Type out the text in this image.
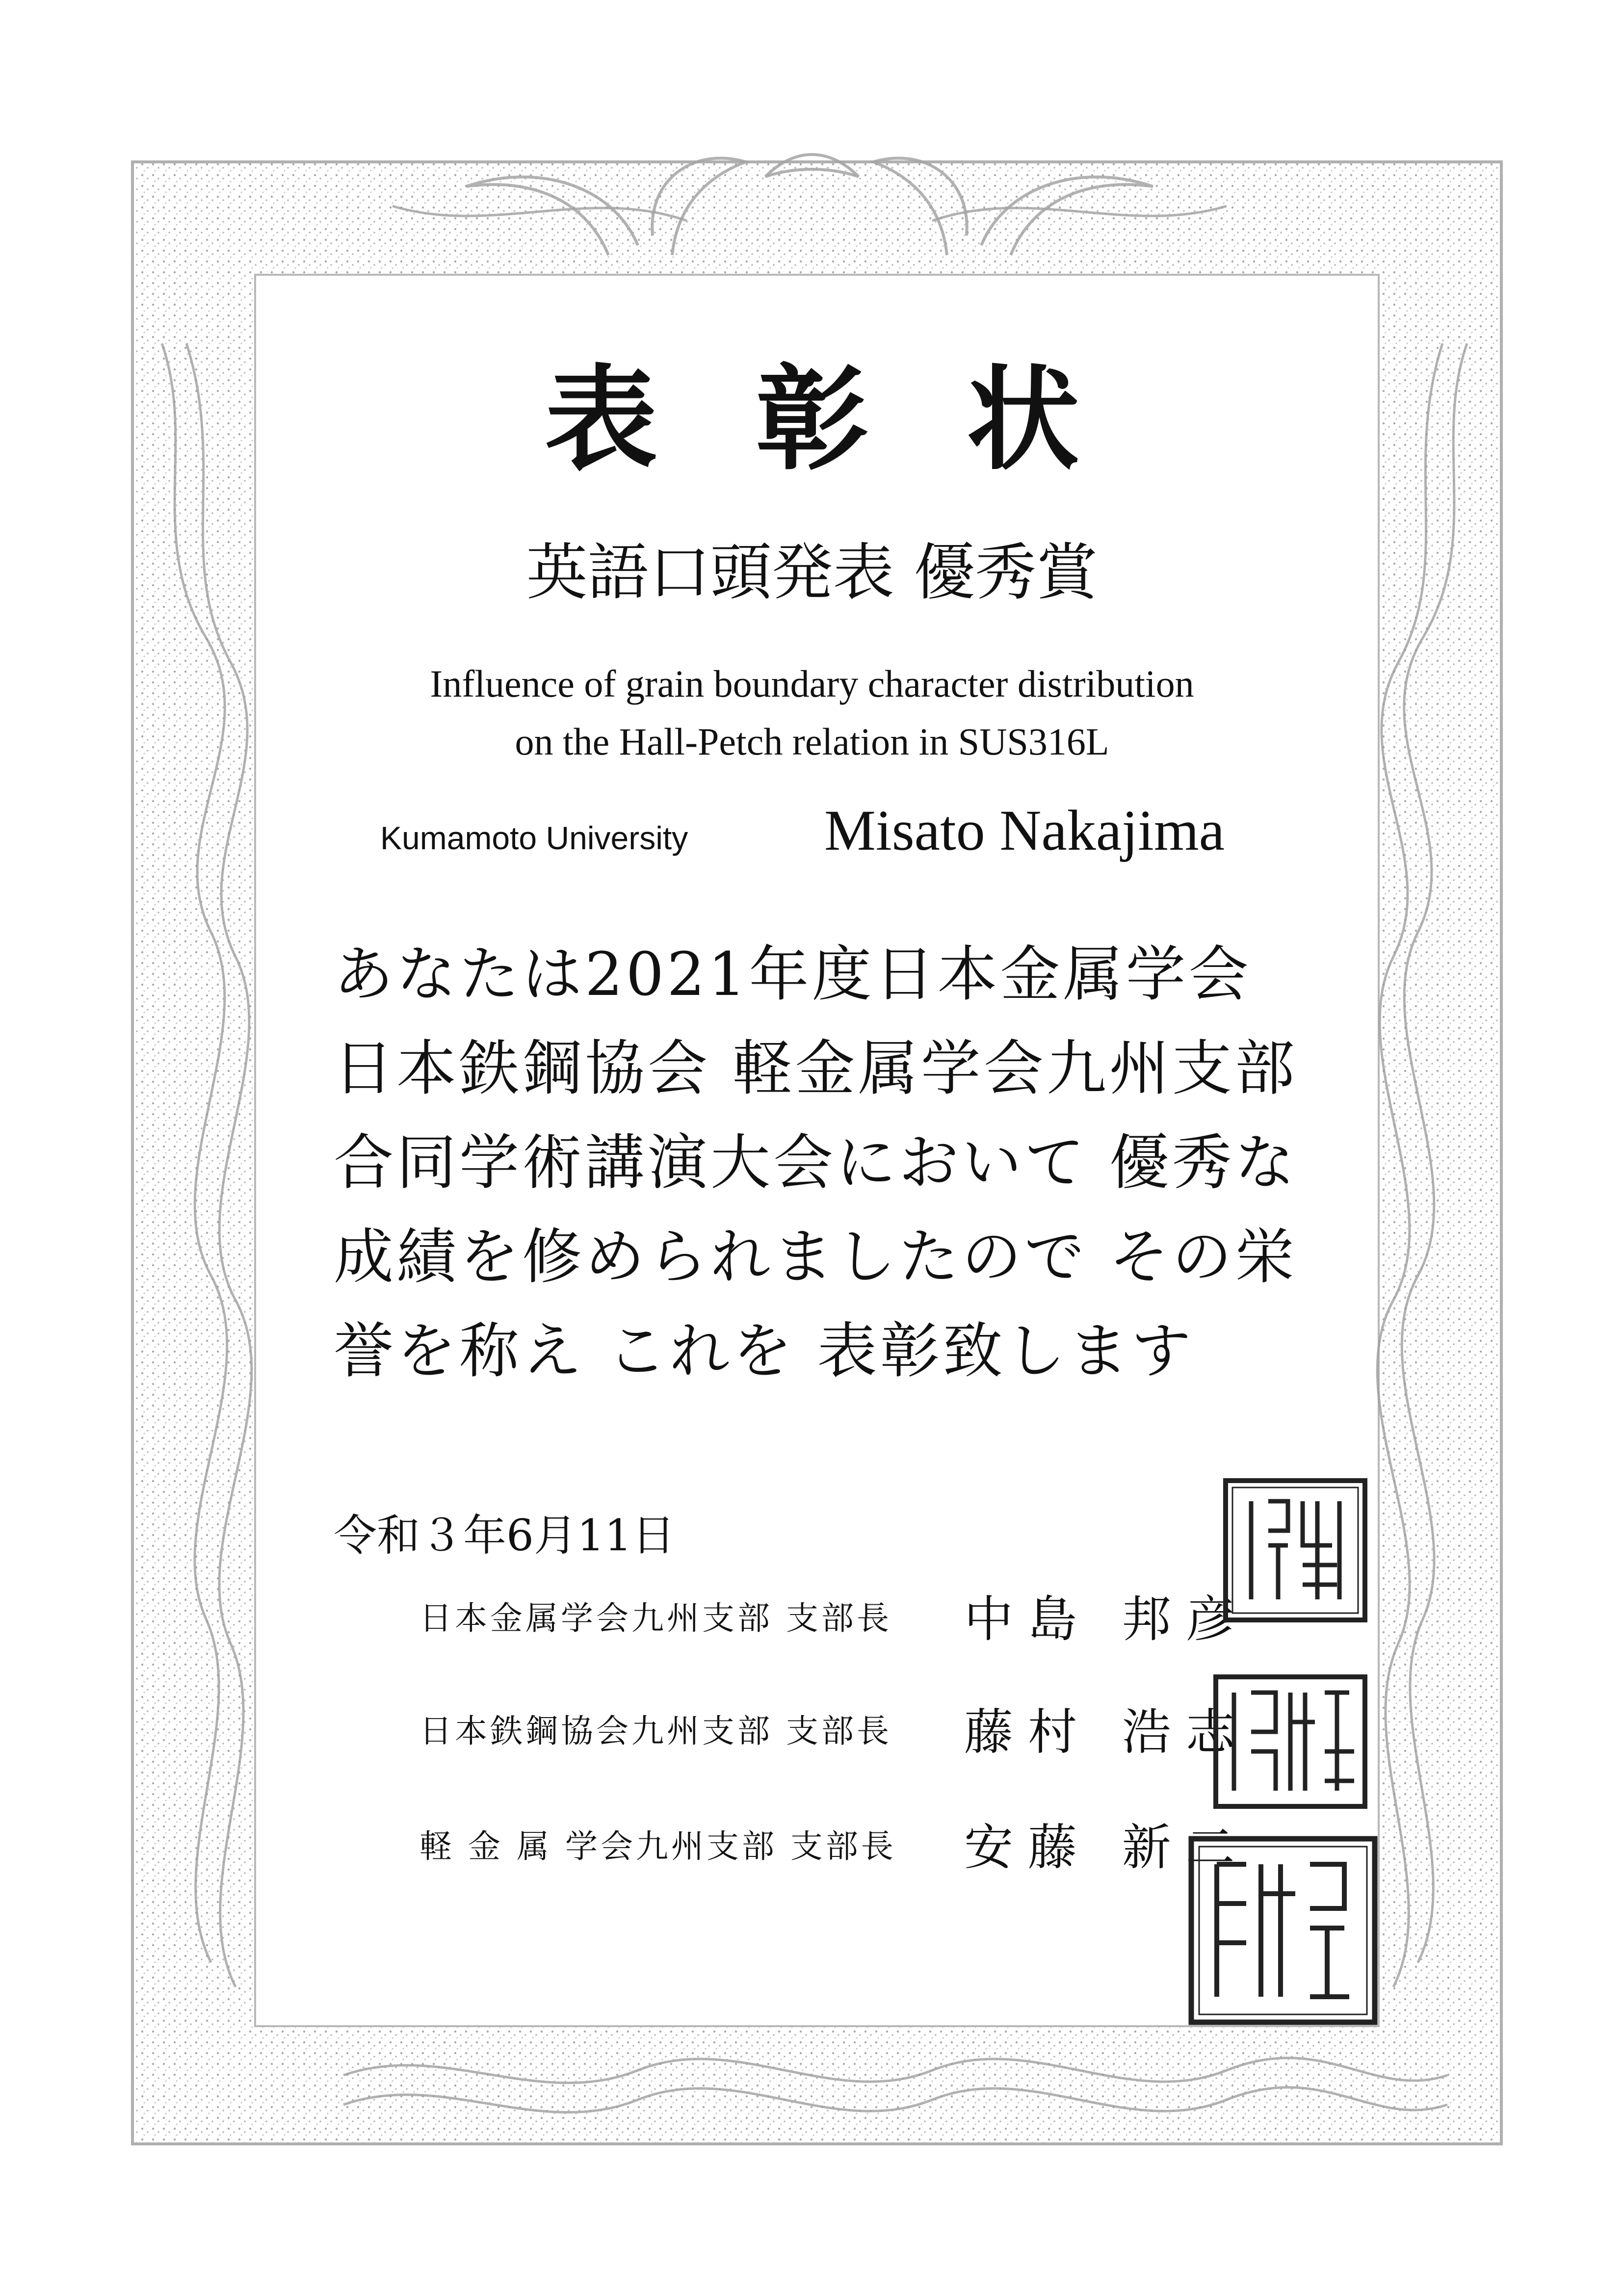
表彰状
英語口頭発表 優秀賞
Influence of grain boundary character distribution
on the Hall-Petch relation in SUS316L
Kumamoto University Misato Nakajima
あなたは2021年度日本金属学会
日本鉄鋼協会 軽金属学会九州支部
合同学術講演大会において 優秀な
成績を修められましたので その栄
誉を称え これを 表彰致します
令和３年6月11日
日本金属学会九州支部 支部長 中島 邦彦
日本鉄鋼協会九州支部 支部長 藤村 浩志
軽 金 属 学会九州支部 支部長 安藤 新二
